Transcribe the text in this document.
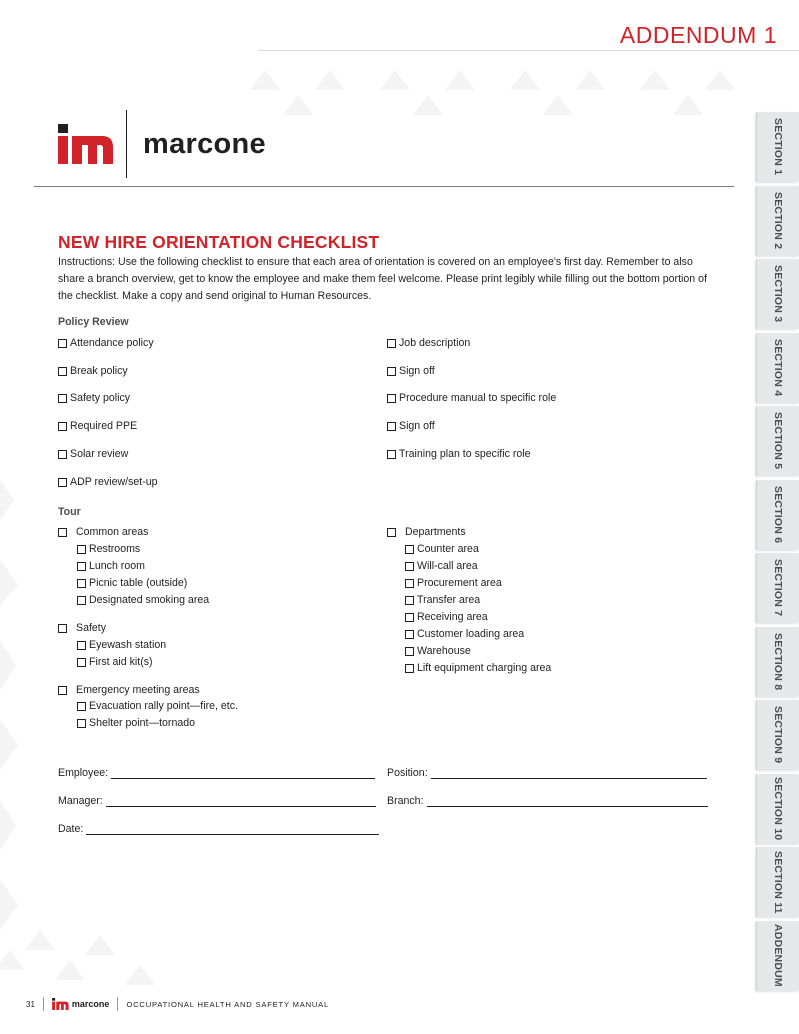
ADDENDUM 1
marcone	SECTION 1
SECTION 2
SECTION 3
SECTION 4
SECTION 5
SECTION 6
SECTION 7
SECTION 8
SECTION 9
SECTION 10
SECTION 11
ADDENDUM
NEW HIRE ORIENTATION CHECKLIST
Instructions: Use the following checklist to ensure that each area of orientation is covered on an employee's first day. Remember to also share a branch overview, get to know the employee and make them feel welcome. Please print legibly while filling out the bottom portion of the checklist. Make a copy and send original to Human Resources.
Policy Review
Attendance policy
Break policy
Safety policy
Required PPE
Solar review
ADP review/set-up
Job description
Sign off
Procedure manual to specific role
Sign off
Training plan to specific role
Tour
Common areas
Restrooms
Lunch room
Picnic table (outside)
Designated smoking area
Safety
Eyewash station
First aid kit(s)
Emergency meeting areas
Evacuation rally point—fire, etc.
Shelter point—tornado
Departments
Counter area
Will-call area
Procurement area
Transfer area
Receiving area
Customer loading area
Warehouse
Lift equipment charging area
Employee:	Position:
Manager:	Branch:
Date:
31	marcone OCCUPATIONAL HEALTH AND SAFETY MANUAL
